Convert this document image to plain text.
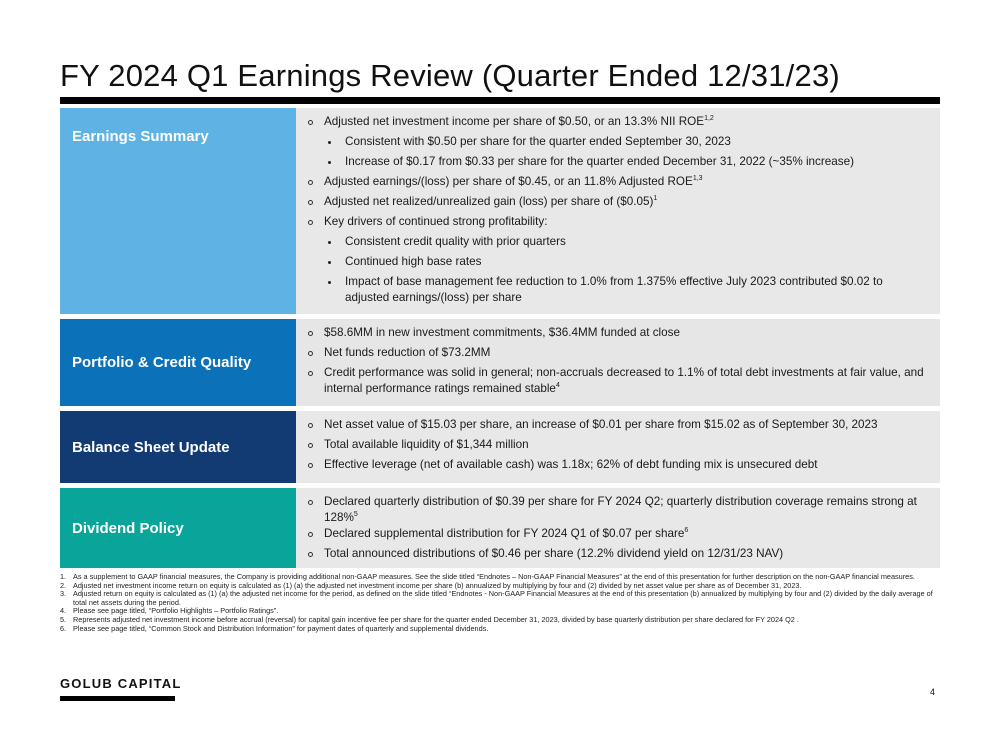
FY 2024 Q1 Earnings Review (Quarter Ended 12/31/23)
Earnings Summary
Adjusted net investment income per share of $0.50, or an 13.3% NII ROE$^{1,2}$
Consistent with $0.50 per share for the quarter ended September 30, 2023
Increase of $0.17 from $0.33 per share for the quarter ended December 31, 2022 (~35% increase)
Adjusted earnings/(loss) per share of $0.45, or an 11.8% Adjusted ROE$^{1,3}$
Adjusted net realized/unrealized gain (loss) per share of ($0.05)$^1$
Key drivers of continued strong profitability:
Consistent credit quality with prior quarters
Continued high base rates
Impact of base management fee reduction to 1.0% from 1.375% effective July 2023 contributed $0.02 to adjusted earnings/(loss) per share
Portfolio & Credit Quality
$58.6MM in new investment commitments, $36.4MM funded at close
Net funds reduction of $73.2MM
Credit performance was solid in general; non-accruals decreased to 1.1% of total debt investments at fair value, and internal performance ratings remained stable$^4$
Balance Sheet Update
Net asset value of $15.03 per share, an increase of $0.01 per share from $15.02 as of September 30, 2023
Total available liquidity of $1,344 million
Effective leverage (net of available cash) was 1.18x; 62% of debt funding mix is unsecured debt
Dividend Policy
Declared quarterly distribution of $0.39 per share for FY 2024 Q2; quarterly distribution coverage remains strong at 128%$^5$
Declared supplemental distribution for FY 2024 Q1 of $0.07 per share$^6$
Total announced distributions of $0.46 per share (12.2% dividend yield on 12/31/23 NAV)
1. As a supplement to GAAP financial measures, the Company is providing additional non-GAAP measures. See the slide titled “Endnotes – Non-GAAP Financial Measures” at the end of this presentation for further description on the non-GAAP financial measures.
2. Adjusted net investment income return on equity is calculated as (1) (a) the adjusted net investment income per share (b) annualized by multiplying by four and (2) divided by net asset value per share as of December 31, 2023.
3. Adjusted return on equity is calculated as (1) (a) the adjusted net income for the period, as defined on the slide titled “Endnotes - Non-GAAP Financial Measures at the end of this presentation (b) annualized by multiplying by four and (2) divided by the daily average of total net assets during the period.
4. Please see page titled, “Portfolio Highlights – Portfolio Ratings”.
5. Represents adjusted net investment income before accrual (reversal) for capital gain incentive fee per share for the quarter ended December 31, 2023, divided by base quarterly distribution per share declared for FY 2024 Q2 .
6. Please see page titled, “Common Stock and Distribution Information” for payment dates of quarterly and supplemental dividends.
GOLUB CAPITAL
4
